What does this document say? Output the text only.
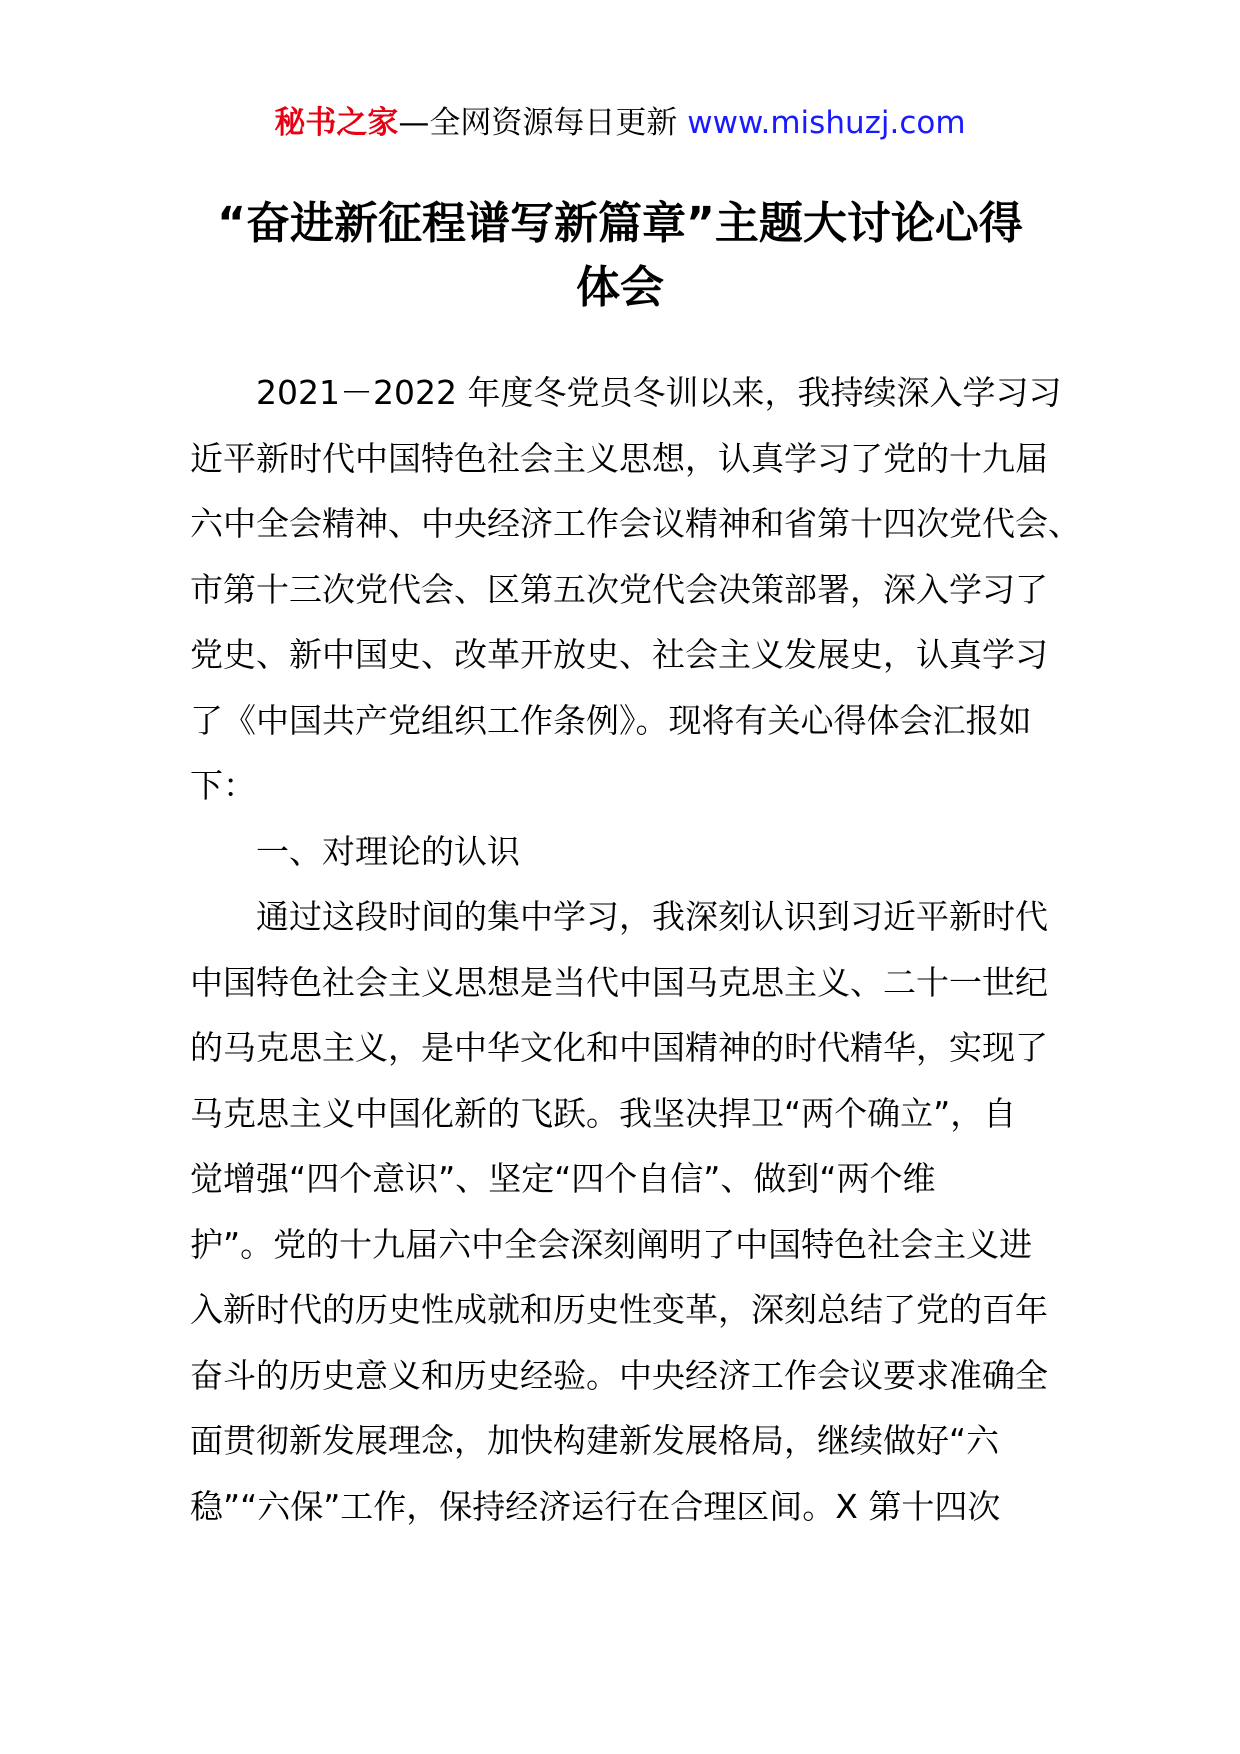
秘书之家—全网资源每日更新 www.mishuzj.com
“奋进新征程谱写新篇章”主题大讨论心得
体会
2021－2022 年度冬党员冬训以来，我持续深入学习习
近平新时代中国特色社会主义思想，认真学习了党的十九届
六中全会精神、中央经济工作会议精神和省第十四次党代会、
市第十三次党代会、区第五次党代会决策部署，深入学习了
党史、新中国史、改革开放史、社会主义发展史，认真学习
了《中国共产党组织工作条例》。现将有关心得体会汇报如
下：
一、对理论的认识
通过这段时间的集中学习，我深刻认识到习近平新时代
中国特色社会主义思想是当代中国马克思主义、二十一世纪
的马克思主义，是中华文化和中国精神的时代精华，实现了
马克思主义中国化新的飞跃。我坚决捍卫“两个确立”，自
觉增强“四个意识”、坚定“四个自信”、做到“两个维
护”。党的十九届六中全会深刻阐明了中国特色社会主义进
入新时代的历史性成就和历史性变革，深刻总结了党的百年
奋斗的历史意义和历史经验。中央经济工作会议要求准确全
面贯彻新发展理念，加快构建新发展格局，继续做好“六
稳”“六保”工作，保持经济运行在合理区间。X 第十四次
